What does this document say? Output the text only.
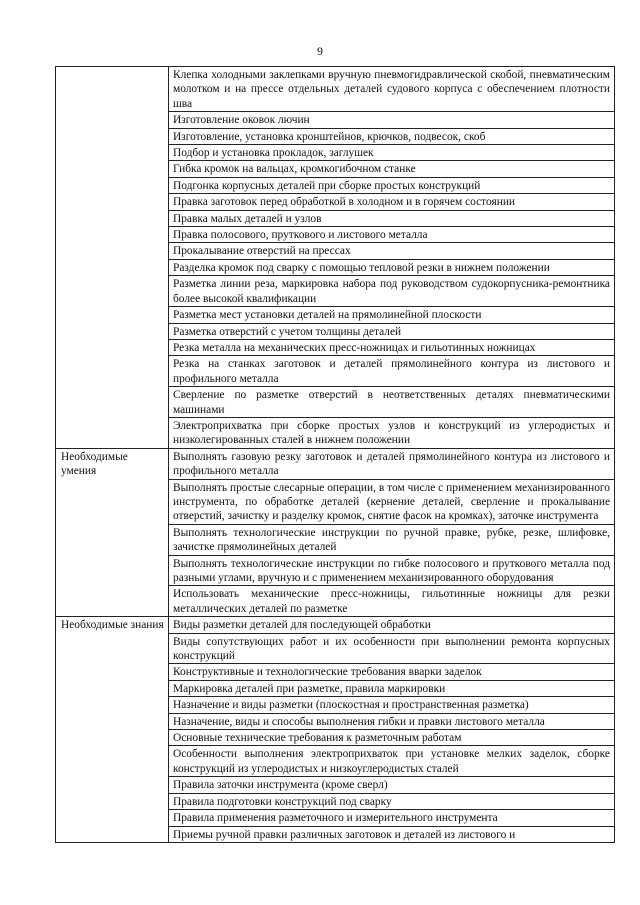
9
	Клепка холодными заклепками вручную пневмогидравлической скобой, пневматическим молотком и на прессе отдельных деталей судового корпуса с обеспечением плотности шва
	Изготовление оковок лючин
	Изготовление, установка кронштейнов, крючков, подвесок, скоб
	Подбор и установка прокладок, заглушек
	Гибка кромок на вальцах, кромкогибочном станке
	Подгонка корпусных деталей при сборке простых конструкций
	Правка заготовок перед обработкой в холодном и в горячем состоянии
	Правка малых деталей и узлов
	Правка полосового, пруткового и листового металла
	Прокалывание отверстий на прессах
	Разделка кромок под сварку с помощью тепловой резки в нижнем положении
	Разметка линии реза, маркировка набора под руководством судокорпусника-ремонтника более высокой квалификации
	Разметка мест установки деталей на прямолинейной плоскости
	Разметка отверстий с учетом толщины деталей
	Резка металла на механических пресс-ножницах и гильотинных ножницах
	Резка на станках заготовок и деталей прямолинейного контура из листового и профильного металла
	Сверление по разметке отверстий в неответственных деталях пневматическими машинами
	Электроприхватка при сборке простых узлов и конструкций из углеродистых и низколегированных сталей в нижнем положении
Необходимые умения	Выполнять газовую резку заготовок и деталей прямолинейного контура из листового и профильного металла
	Выполнять простые слесарные операции, в том числе с применением механизированного инструмента, по обработке деталей (кернение деталей, сверление и прокалывание отверстий, зачистку и разделку кромок, снятие фасок на кромках), заточке инструмента
	Выполнять технологические инструкции по ручной правке, рубке, резке, шлифовке, зачисткe прямолинейных деталей
	Выполнять технологические инструкции по гибке полосового и пруткового металла под разными углами, вручную и с применением механизированного оборудования
	Использовать механические пресс-ножницы, гильотинные ножницы для резки металлических деталей по разметке
Необходимые знания	Виды разметки деталей для последующей обработки
	Виды сопутствующих работ и их особенности при выполнении ремонта корпусных конструкций
	Конструктивные и технологические требования вварки заделок
	Маркировка деталей при разметке, правила маркировки
	Назначение и виды разметки (плоскостная и пространственная разметка)
	Назначение, виды и способы выполнения гибки и правки листового металла
	Основные технические требования к разметочным работам
	Особенности выполнения электроприхваток при установке мелких заделок, сборке конструкций из углеродистых и низкоуглеродистых сталей
	Правила заточки инструмента (кроме сверл)
	Правила подготовки конструкций под сварку
	Правила применения разметочного и измерительного инструмента
	Приемы ручной правки различных заготовок и деталей из листового и
